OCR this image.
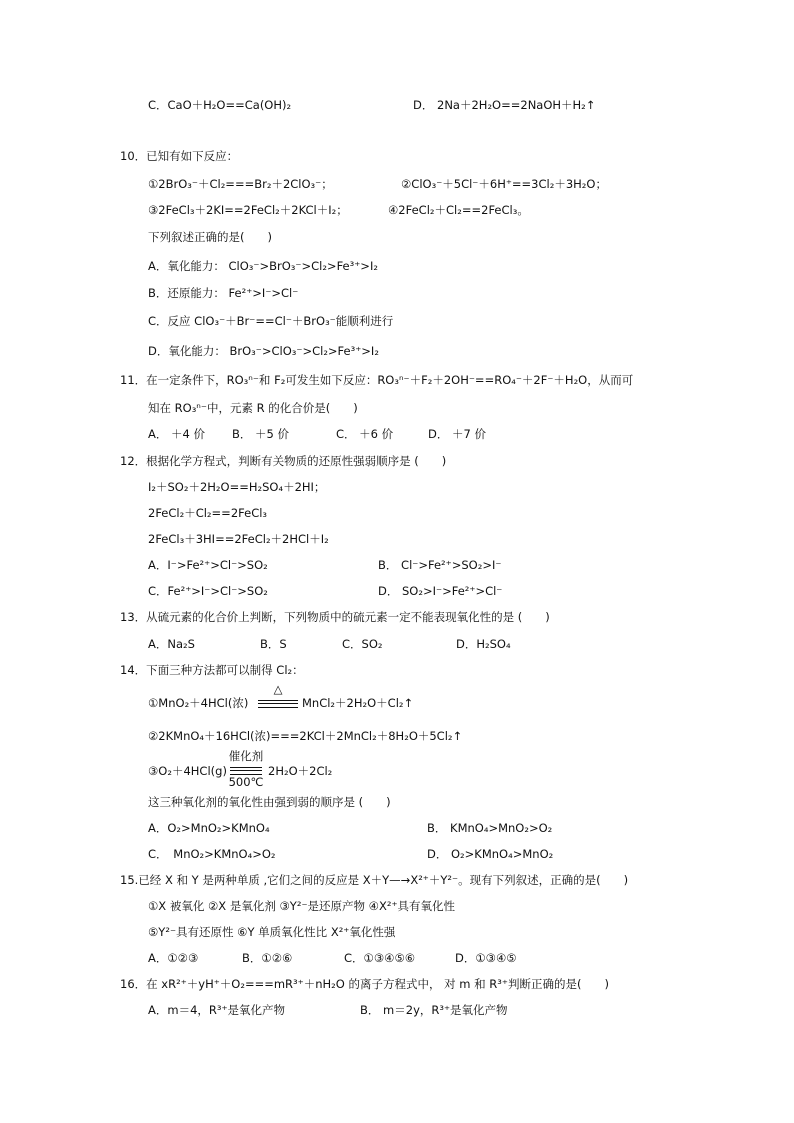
C．CaO＋H₂O==Ca(OH)₂	D． 2Na＋2H₂O==2NaOH＋H₂↑
10．已知有如下反应：
①2BrO₃⁻＋Cl₂===Br₂＋2ClO₃⁻；	②ClO₃⁻＋5Cl⁻＋6H⁺==3Cl₂＋3H₂O；
③2FeCl₃＋2KI==2FeCl₂＋2KCl＋I₂；	④2FeCl₂＋Cl₂==2FeCl₃。
下列叙述正确的是(　　)
A．氧化能力： ClO₃⁻>BrO₃⁻>Cl₂>Fe³⁺>I₂
B．还原能力： Fe²⁺>I⁻>Cl⁻
C．反应 ClO₃⁻＋Br⁻==Cl⁻＋BrO₃⁻能顺利进行
D．氧化能力： BrO₃⁻>ClO₃⁻>Cl₂>Fe³⁺>I₂
11．在一定条件下，RO₃ⁿ⁻和 F₂可发生如下反应：RO₃ⁿ⁻＋F₂＋2OH⁻==RO₄⁻＋2F⁻＋H₂O，从而可
知在 RO₃ⁿ⁻中，元素 R 的化合价是(　　)
A． ＋4 价 B． ＋5 价	C． ＋6 价	D． ＋7 价
12．根据化学方程式，判断有关物质的还原性强弱顺序是 (　　)
I₂＋SO₂＋2H₂O==H₂SO₄＋2HI；
2FeCl₂＋Cl₂==2FeCl₃
2FeCl₃＋3HI==2FeCl₂＋2HCl＋I₂
A．I⁻>Fe²⁺>Cl⁻>SO₂	B． Cl⁻>Fe²⁺>SO₂>I⁻
C．Fe²⁺>I⁻>Cl⁻>SO₂	D． SO₂>I⁻>Fe²⁺>Cl⁻
13．从硫元素的化合价上判断，下列物质中的硫元素一定不能表现氧化性的是 (　　)
A．Na₂S	B．S	C．SO₂	D．H₂SO₄
14．下面三种方法都可以制得 Cl₂：
①MnO₂＋4HCl(浓)
△
MnCl₂＋2H₂O＋Cl₂↑
②2KMnO₄＋16HCl(浓)===2KCl＋2MnCl₂＋8H₂O＋5Cl₂↑
③O₂＋4HCl(g)
催化剂
500℃
2H₂O＋2Cl₂
这三种氧化剂的氧化性由强到弱的顺序是 (　　)
A．O₂>MnO₂>KMnO₄	B． KMnO₄>MnO₂>O₂
C．　MnO₂>KMnO₄>O₂	D． O₂>KMnO₄>MnO₂
15.已经 X 和 Y 是两种单质 ,它们之间的反应是 X＋Y—→X²⁺＋Y²⁻。现有下列叙述，正确的是(　　)
①X 被氧化 ②X 是氧化剂 ③Y²⁻是还原产物 ④X²⁺具有氧化性
⑤Y²⁻具有还原性 ⑥Y 单质氧化性比 X²⁺氧化性强
A．①②③	B．①②⑥	C．①③④⑤⑥	D．①③④⑤
16．在 xR²⁺＋yH⁺＋O₂===mR³⁺＋nH₂O 的离子方程式中， 对 m 和 R³⁺判断正确的是(　　)
A．m＝4，R³⁺是氧化产物	B． m＝2y，R³⁺是氧化产物
